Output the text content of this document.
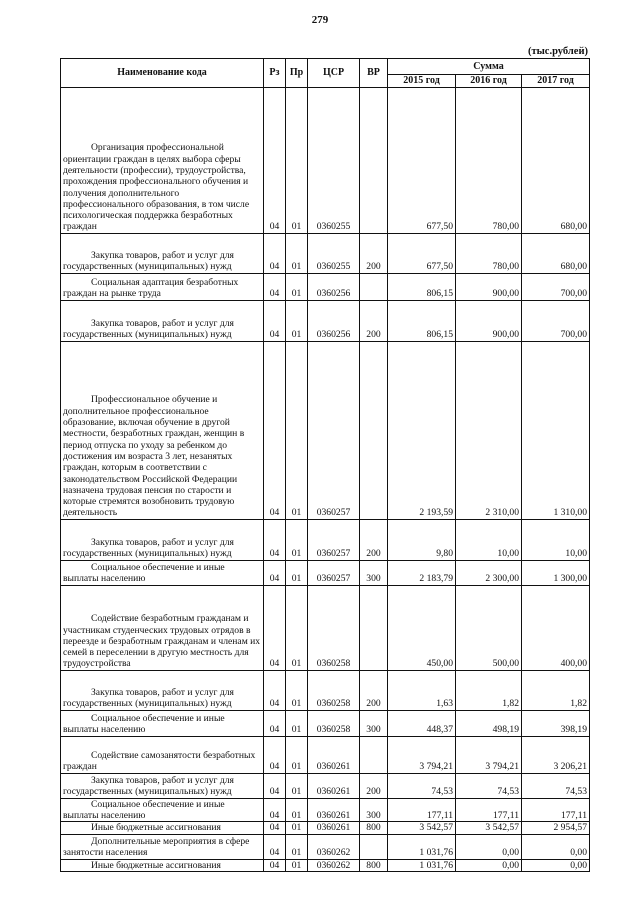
279
(тыс.рублей)
Наименование кода	Рз	Пр	ЦСР	ВР	Сумма		
					2015 год	2016 год	2017 год
Организация профессиональной ориентации граждан в целях выбора сферы деятельности (профессии), трудоустройства, прохождения профессионального обучения и получения дополнительного профессионального образования, в том числе психологическая поддержка безработных граждан	04	01	0360255		677,50	780,00	680,00
Закупка товаров, работ и услуг для государственных (муниципальных) нужд	04	01	0360255	200	677,50	780,00	680,00
Социальная адаптация безработных граждан на рынке труда	04	01	0360256		806,15	900,00	700,00
Закупка товаров, работ и услуг для государственных (муниципальных) нужд	04	01	0360256	200	806,15	900,00	700,00
Профессиональное обучение и дополнительное профессиональное образование, включая обучение в другой местности, безработных граждан, женщин в период отпуска по уходу за ребенком до достижения им возраста 3 лет, незанятых граждан, которым в соответствии с законодательством Российской Федерации назначена трудовая пенсия по старости и которые стремятся возобновить трудовую деятельность	04	01	0360257		2 193,59	2 310,00	1 310,00
Закупка товаров, работ и услуг для государственных (муниципальных) нужд	04	01	0360257	200	9,80	10,00	10,00
Социальное обеспечение и иные выплаты населению	04	01	0360257	300	2 183,79	2 300,00	1 300,00
Содействие безработным гражданам и участникам студенческих трудовых отрядов в переезде и безработным гражданам и членам их семей в переселении в другую местность для трудоустройства	04	01	0360258		450,00	500,00	400,00
Закупка товаров, работ и услуг для государственных (муниципальных) нужд	04	01	0360258	200	1,63	1,82	1,82
Социальное обеспечение и иные выплаты населению	04	01	0360258	300	448,37	498,19	398,19
Содействие самозанятости безработных граждан	04	01	0360261		3 794,21	3 794,21	3 206,21
Закупка товаров, работ и услуг для государственных (муниципальных) нужд	04	01	0360261	200	74,53	74,53	74,53
Социальное обеспечение и иные выплаты населению	04	01	0360261	300	177,11	177,11	177,11
Иные бюджетные ассигнования	04	01	0360261	800	3 542,57	3 542,57	2 954,57
Дополнительные мероприятия в сфере занятости населения	04	01	0360262		1 031,76	0,00	0,00
Иные бюджетные ассигнования	04	01	0360262	800	1 031,76	0,00	0,00
